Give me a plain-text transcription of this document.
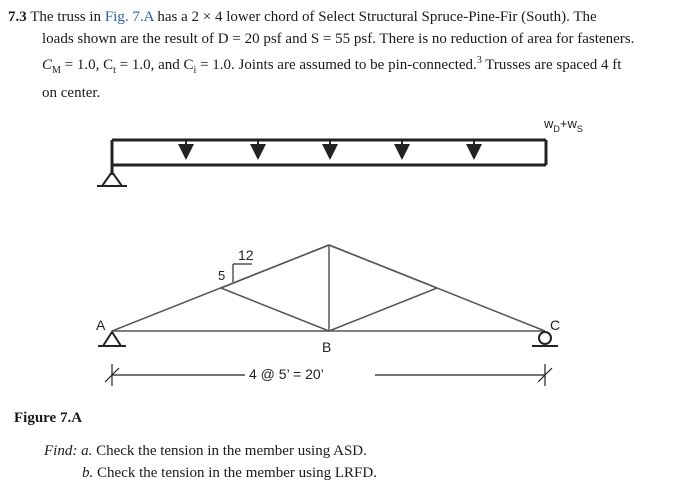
7.3 The truss in Fig. 7.A has a 2 × 4 lower chord of Select Structural Spruce-Pine-Fir (South). The
loads shown are the result of D = 20 psf and S = 55 psf. There is no reduction of area for fasteners.
$C_M = 1.0$, $C_t = 1.0$, and $C_i = 1.0$. Joints are assumed to be pin-connected.$^3$ Trusses are spaced 4 ft
on center.
$w_D+w_S$
12
5
A
B
C
4 @ 5’ = 20’
Figure 7.A
Find: a. Check the tension in the member using ASD.
b. Check the tension in the member using LRFD.
